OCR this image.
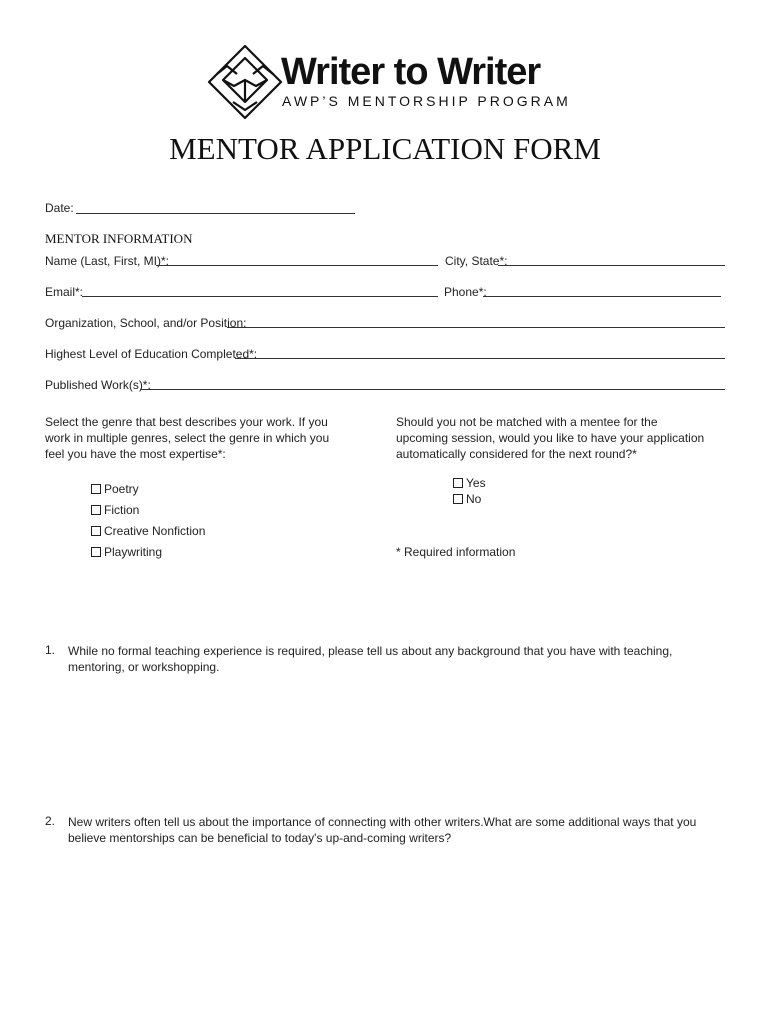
Writer to Writer
AWP’S MENTORSHIP PROGRAM
MENTOR APPLICATION FORM
Date:
MENTOR INFORMATION
Name (Last, First, MI)*:	City, State*:
Email*:	Phone*:
Organization, School, and/or Position:
Highest Level of Education Completed*:
Published Work(s)*:
Select the genre that best describes your work. If you work in multiple genres, select the genre in which you feel you have the most expertise*:
Poetry
Fiction
Creative Nonfiction
Playwriting
Should you not be matched with a mentee for the upcoming session, would you like to have your application automatically considered for the next round?*
Yes
No
* Required information
1. While no formal teaching experience is required, please tell us about any background that you have with teaching, mentoring, or workshopping.
2. New writers often tell us about the importance of connecting with other writers.What are some additional ways that you believe mentorships can be beneficial to today's up-and-coming writers?
